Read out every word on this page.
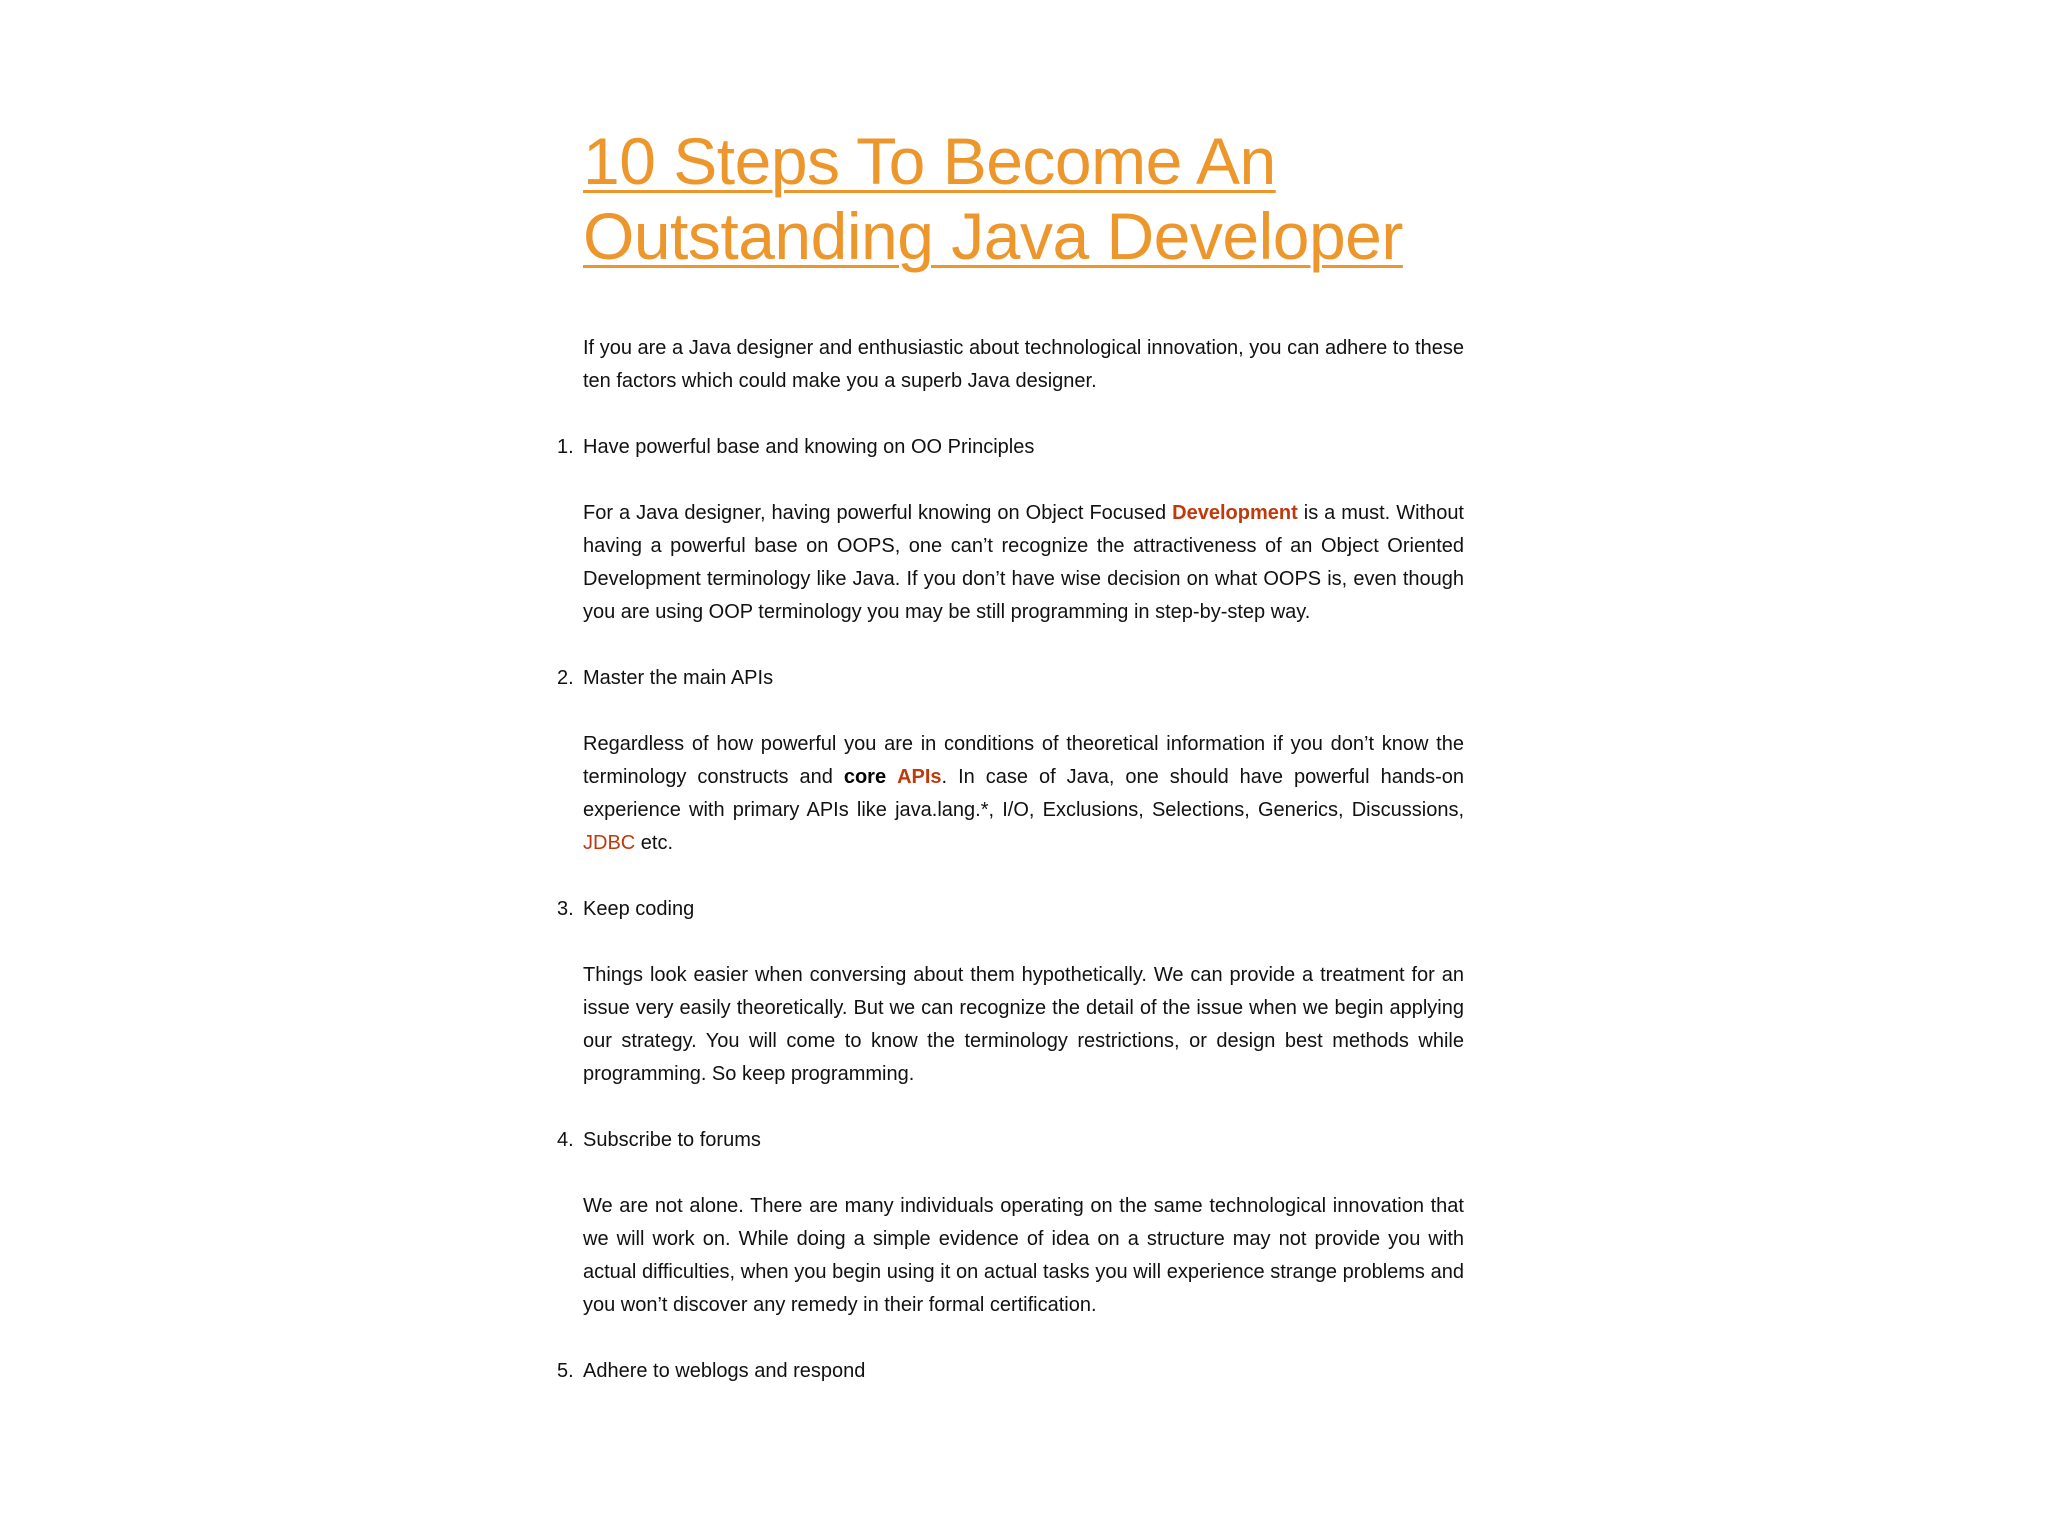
10 Steps To Become An
Outstanding Java Developer

If you are a Java designer and enthusiastic about technological innovation, you can adhere to these ten factors which could make you a superb Java designer.

1. Have powerful base and knowing on OO Principles

For a Java designer, having powerful knowing on Object Focused Development is a must. Without having a powerful base on OOPS, one can’t recognize the attractiveness of an Object Oriented Development terminology like Java. If you don’t have wise decision on what OOPS is, even though you are using OOP terminology you may be still programming in step-by-step way.

2. Master the main APIs

Regardless of how powerful you are in conditions of theoretical information if you don’t know the terminology constructs and core APIs. In case of Java, one should have powerful hands-on experience with primary APIs like java.lang.*, I/O, Exclusions, Selections, Generics, Discussions, JDBC etc.

3. Keep coding

Things look easier when conversing about them hypothetically. We can provide a treatment for an issue very easily theoretically. But we can recognize the detail of the issue when we begin applying our strategy. You will come to know the terminology restrictions, or design best methods while programming. So keep programming.

4. Subscribe to forums

We are not alone. There are many individuals operating on the same technological innovation that we will work on. While doing a simple evidence of idea on a structure may not provide you with actual difficulties, when you begin using it on actual tasks you will experience strange problems and you won’t discover any remedy in their formal certification.

5. Adhere to weblogs and respond
